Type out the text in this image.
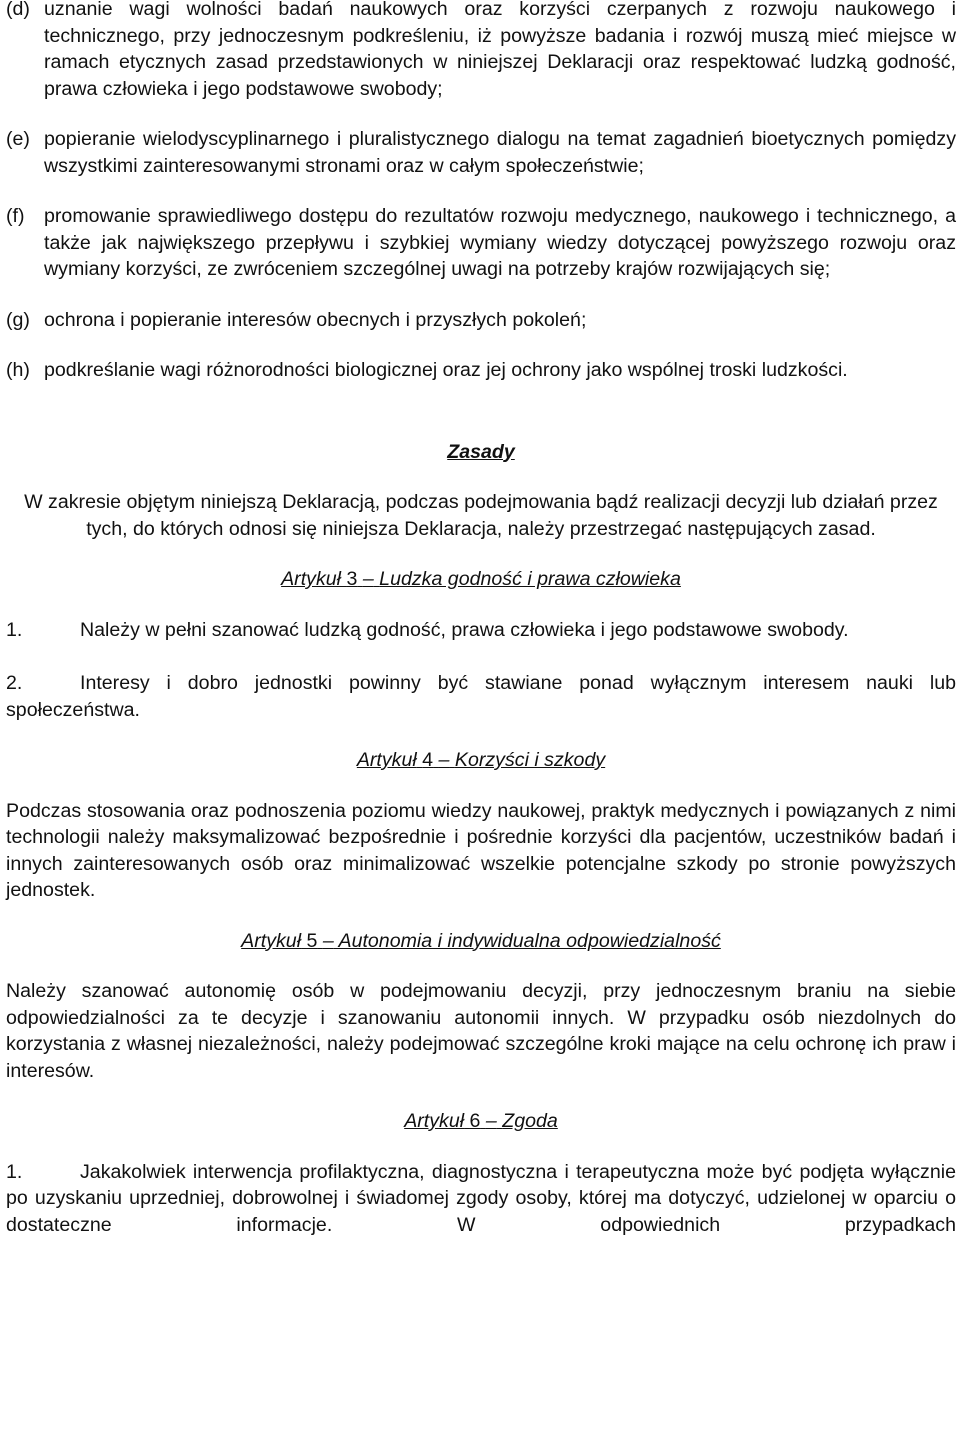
(d) uznanie wagi wolności badań naukowych oraz korzyści czerpanych z rozwoju naukowego i technicznego, przy jednoczesnym podkreśleniu, iż powyższe badania i rozwój muszą mieć miejsce w ramach etycznych zasad przedstawionych w niniejszej Deklaracji oraz respektować ludzką godność, prawa człowieka i jego podstawowe swobody;

(e) popieranie wielodyscyplinarnego i pluralistycznego dialogu na temat zagadnień bioetycznych pomiędzy wszystkimi zainteresowanymi stronami oraz w całym społeczeństwie;

(f) promowanie sprawiedliwego dostępu do rezultatów rozwoju medycznego, naukowego i technicznego, a także jak największego przepływu i szybkiej wymiany wiedzy dotyczącej powyższego rozwoju oraz wymiany korzyści, ze zwróceniem szczególnej uwagi na potrzeby krajów rozwijających się;

(g) ochrona i popieranie interesów obecnych i przyszłych pokoleń;

(h) podkreślanie wagi różnorodności biologicznej oraz jej ochrony jako wspólnej troski ludzkości.

Zasady

W zakresie objętym niniejszą Deklaracją, podczas podejmowania bądź realizacji decyzji lub działań przez tych, do których odnosi się niniejsza Deklaracja, należy przestrzegać następujących zasad.

Artykuł 3 – Ludzka godność i prawa człowieka

1.	Należy w pełni szanować ludzką godność, prawa człowieka i jego podstawowe swobody.

2.	Interesy i dobro jednostki powinny być stawiane ponad wyłącznym interesem nauki lub społeczeństwa.

Artykuł 4 – Korzyści i szkody

Podczas stosowania oraz podnoszenia poziomu wiedzy naukowej, praktyk medycznych i powiązanych z nimi technologii należy maksymalizować bezpośrednie i pośrednie korzyści dla pacjentów, uczestników badań i innych zainteresowanych osób oraz minimalizować wszelkie potencjalne szkody po stronie powyższych jednostek.

Artykuł 5 – Autonomia i indywidualna odpowiedzialność

Należy szanować autonomię osób w podejmowaniu decyzji, przy jednoczesnym braniu na siebie odpowiedzialności za te decyzje i szanowaniu autonomii innych. W przypadku osób niezdolnych do korzystania z własnej niezależności, należy podejmować szczególne kroki mające na celu ochronę ich praw i interesów.

Artykuł 6 – Zgoda

1.	Jakakolwiek interwencja profilaktyczna, diagnostyczna i terapeutyczna może być podjęta wyłącznie po uzyskaniu uprzedniej, dobrowolnej i świadomej zgody osoby, której ma dotyczyć, udzielonej w oparciu o dostateczne informacje. W odpowiednich przypadkach
